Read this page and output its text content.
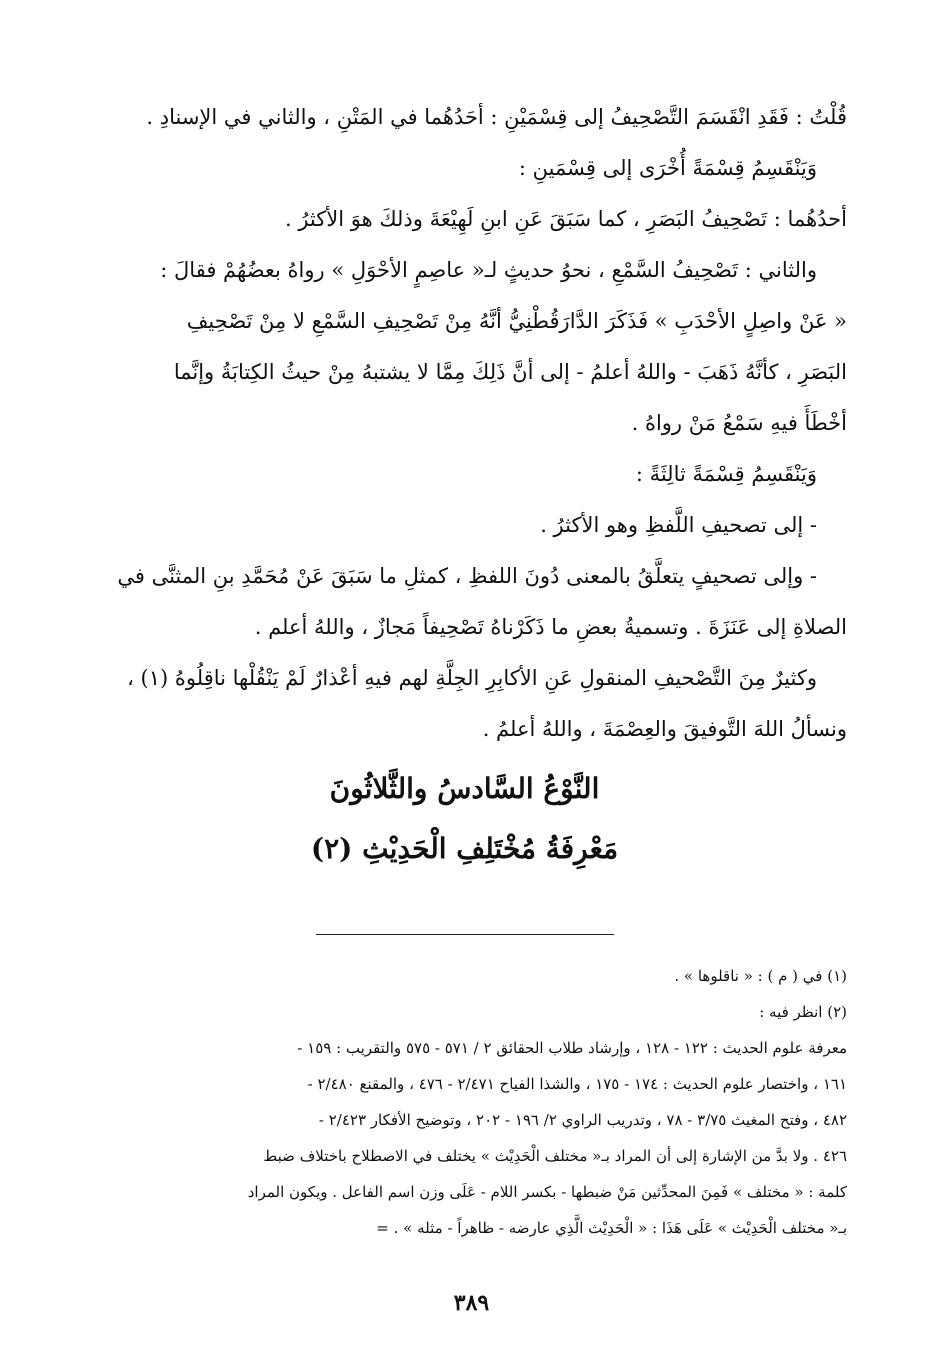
قُلْتُ : فَقَدِ انْقَسَمَ التَّصْحِيفُ إلى قِسْمَيْنِ : أحَدُهُما في المَتْنِ ، والثاني في الإسنادِ .

وَيَنْقَسِمُ قِسْمَةً أُخْرَى إلى قِسْمَينِ :

أحدُهُما : تَصْحِيفُ البَصَرِ ، كما سَبَقَ عَنِ ابنِ لَهِيْعَةَ وذلكَ هوَ الأكثرُ .

والثاني : تَصْحِيفُ السَّمْعِ ، نحوُ حديثٍ لـ« عاصِمٍ الأحْوَلِ » رواهُ بعضُهُمْ فقالَ :

« عَنْ واصِلٍ الأحْدَبِ » فَذَكَرَ الدَّارَقُطْنِيُّ أنَّهُ مِنْ تَصْحِيفِ السَّمْعِ لا مِنْ تَصْحِيفِ

البَصَرِ ، كأنَّهُ ذَهَبَ - واللهُ أعلمُ - إلى أنَّ ذَلِكَ مِمَّا لا يشتبهُ مِنْ حيثُ الكِتابَةُ وإنَّما

أخْطَأَ فيهِ سَمْعُ مَنْ رواهُ .

وَيَنْقَسِمُ قِسْمَةً ثالِثَةً :

- إلى تصحيفِ اللَّفظِ وهو الأكثرُ .

- وإلى تصحيفٍ يتعلَّقُ بالمعنى دُونَ اللفظِ ، كمثلِ ما سَبَقَ عَنْ مُحَمَّدِ بنِ المثنَّى في

الصلاةِ إلى عَنَزَةَ . وتسميةُ بعضِ ما ذَكَرْناهُ تَصْحِيفاً مَجازٌ ، واللهُ أعلم .

وكثيرٌ مِنَ التَّصْحيفِ المنقولِ عَنِ الأكابِرِ الجِلَّةِ لهم فيهِ أعْذارٌ لَمْ يَنْقُلْها ناقِلُوهُ (١) ،

ونسألُ اللهَ التَّوفيقَ والعِصْمَةَ ، واللهُ أعلمُ .

النَّوْعُ السَّادسُ والثَّلاثُونَ
مَعْرِفَةُ مُخْتَلِفِ الْحَدِيْثِ (٢)

(١) في ( م ) : « ناقلوها » .

(٢) انظر فيه :

معرفة علوم الحديث : ١٢٢ - ١٢٨ ، وإرشاد طلاب الحقائق ٢ / ٥٧١ - ٥٧٥ والتقريب : ١٥٩ -

١٦١ ، واختصار علوم الحديث : ١٧٤ - ١٧٥ ، والشذا الفياح ٢/٤٧١ - ٤٧٦ ، والمقنع ٢/٤٨٠ -

٤٨٢ ، وفتح المغيث ٣/٧٥ - ٧٨ ، وتدريب الراوي ٢/ ١٩٦ - ٢٠٢ ، وتوضيح الأفكار ٢/٤٢٣ -

٤٢٦ . ولا بدَّ من الإشارة إلى أن المراد بـ« مختلف الْحَدِيْث » يختلف في الاصطلاح باختلاف ضبط

كلمة : « مختلف » فَمِنَ المحدِّثين مَنْ ضبطها - بكسر اللام - عَلَى وزن اسم الفاعل . ويكون المراد

بـ« مختلف الْحَدِيْث » عَلَى هَذَا : « الْحَدِيْث الَّذِي عارضه - ظاهراً - مثله » . =

٣٨٩
